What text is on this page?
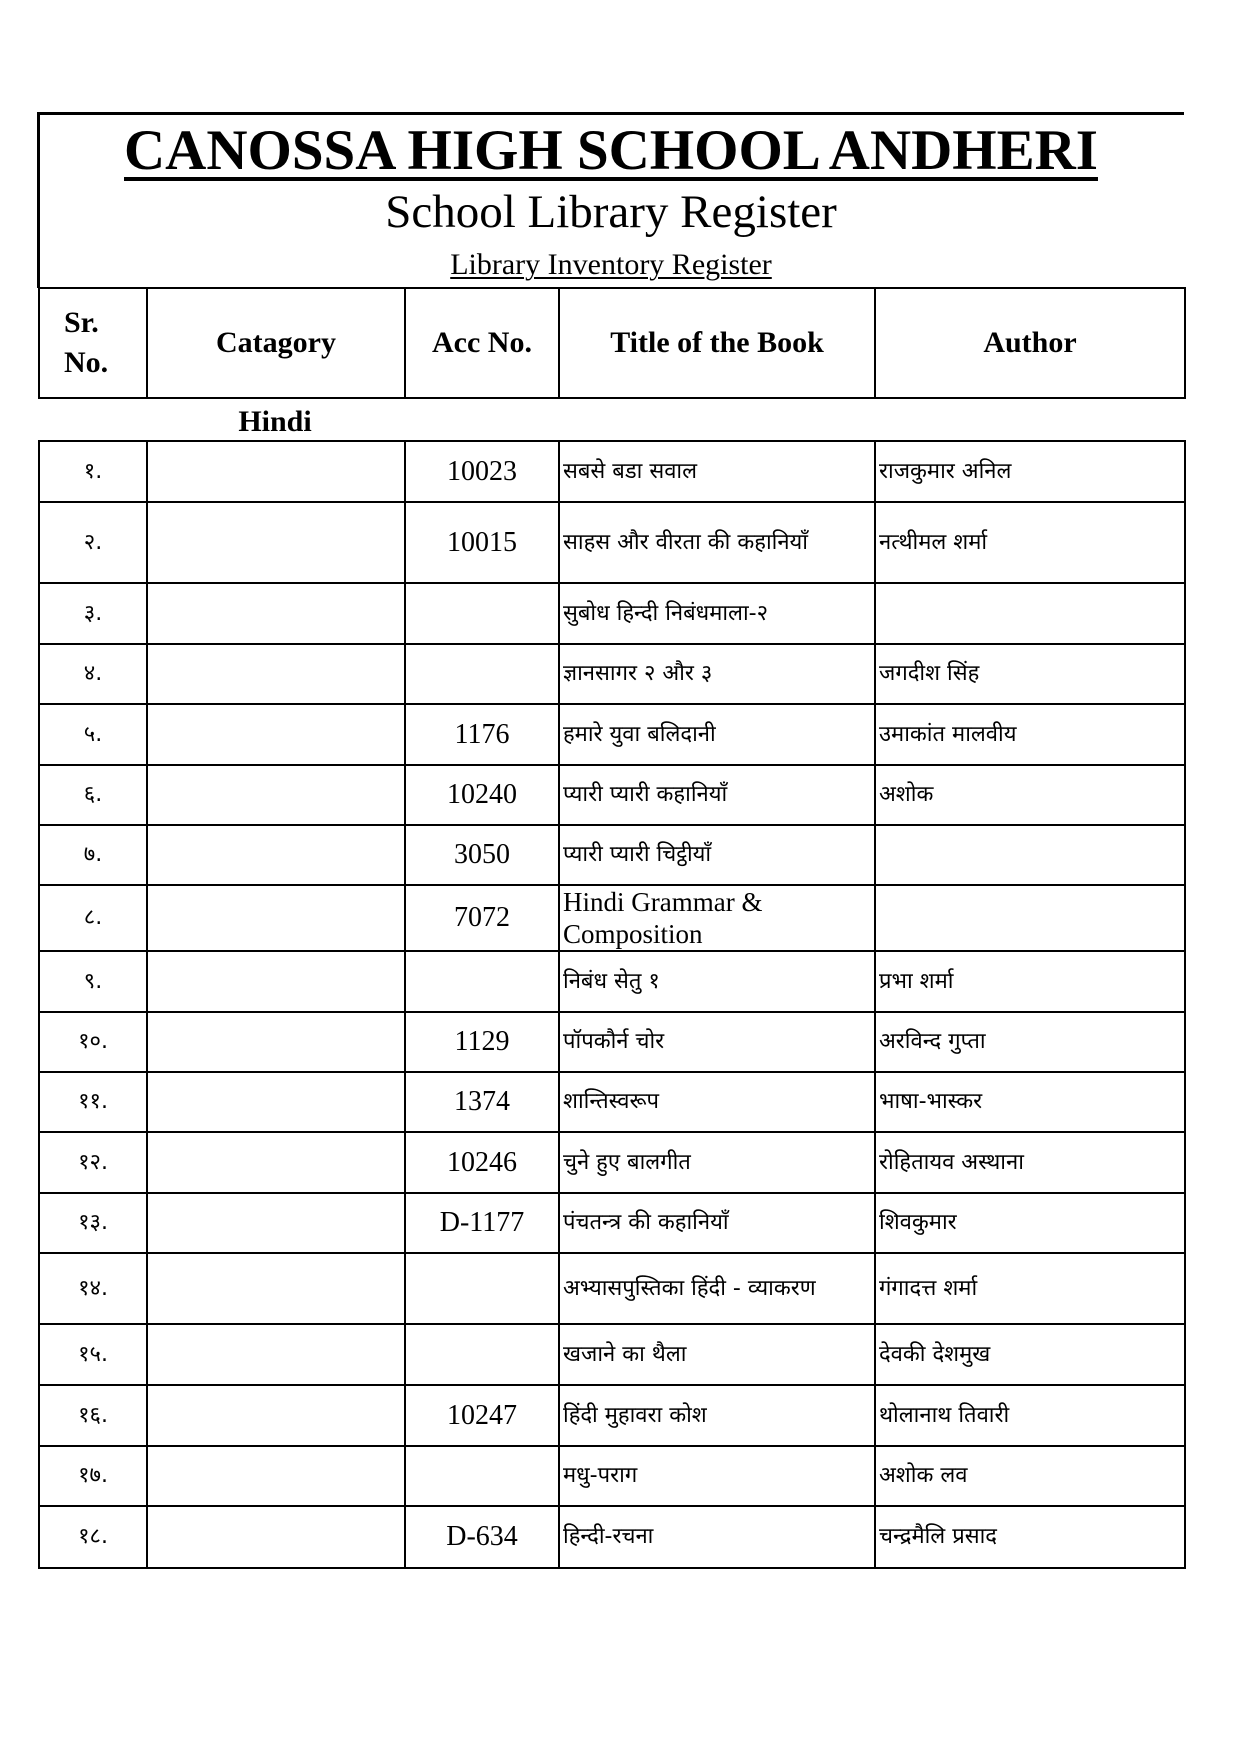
CANOSSA HIGH SCHOOL ANDHERI
School Library Register
Library Inventory Register
Sr.
No.	Catagory	Acc No.	Title of the Book	Author
Hindi
१.		10023	सबसे बडा सवाल	राजकुमार अनिल
२.		10015	साहस और वीरता की कहानियाँ	नत्थीमल शर्मा
३.			सुबोध हिन्दी निबंधमाला-२	
४.			ज्ञानसागर २ और ३	जगदीश सिंह
५.		1176	हमारे युवा बलिदानी	उमाकांत मालवीय
६.		10240	प्यारी प्यारी कहानियाँ	अशोक
७.		3050	प्यारी प्यारी चिट्ठीयाँ	
८.		7072	Hindi Grammar & Composition	
९.			निबंध सेतु १	प्रभा शर्मा
१०.		1129	पॉपकौर्न चोर	अरविन्द गुप्ता
११.		1374	शान्तिस्वरूप	भाषा-भास्कर
१२.		10246	चुने हुए बालगीत	रोहितायव अस्थाना
१३.		D-1177	पंचतन्त्र की कहानियाँ	शिवकुमार
१४.			अभ्यासपुस्तिका हिंदी - व्याकरण	गंगादत्त शर्मा
१५.			खजाने का थैला	देवकी देशमुख
१६.		10247	हिंदी मुहावरा कोश	थोलानाथ तिवारी
१७.			मधु-पराग	अशोक लव
१८.		D-634	हिन्दी-रचना	चन्द्रमैलि प्रसाद
